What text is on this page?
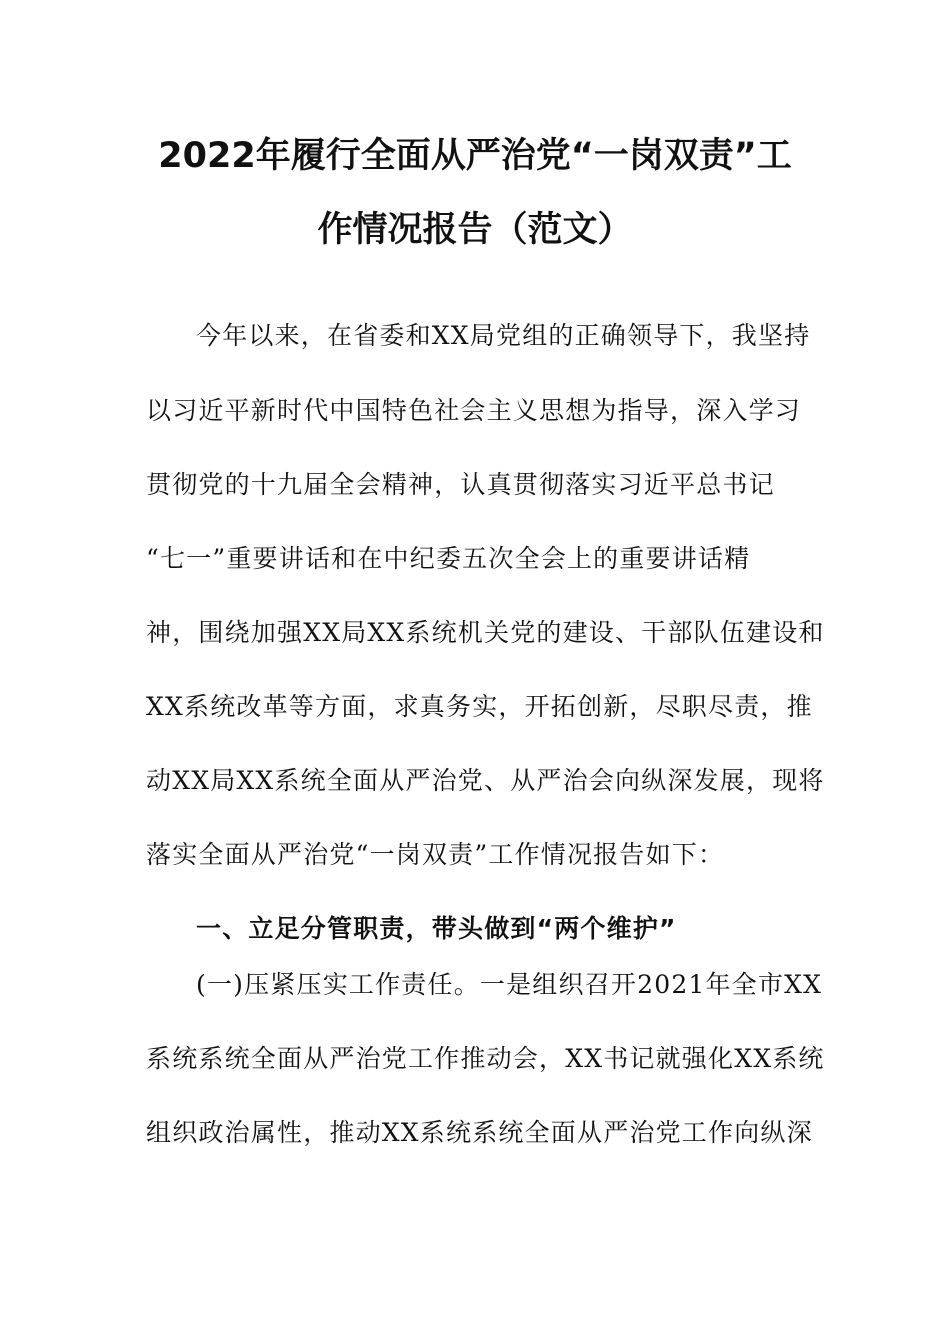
2022年履行全面从严治党“一岗双责”工
作情况报告（范文）
今年以来，在省委和XX局党组的正确领导下，我坚持
以习近平新时代中国特色社会主义思想为指导，深入学习
贯彻党的十九届全会精神，认真贯彻落实习近平总书记
“七一”重要讲话和在中纪委五次全会上的重要讲话精
神，围绕加强XX局XX系统机关党的建设、干部队伍建设和
XX系统改革等方面，求真务实，开拓创新，尽职尽责，推
动XX局XX系统全面从严治党、从严治会向纵深发展，现将
落实全面从严治党“一岗双责”工作情况报告如下：
一、立足分管职责，带头做到“两个维护”
(一)压紧压实工作责任。一是组织召开2021年全市XX
系统系统全面从严治党工作推动会，XX书记就强化XX系统
组织政治属性，推动XX系统系统全面从严治党工作向纵深
